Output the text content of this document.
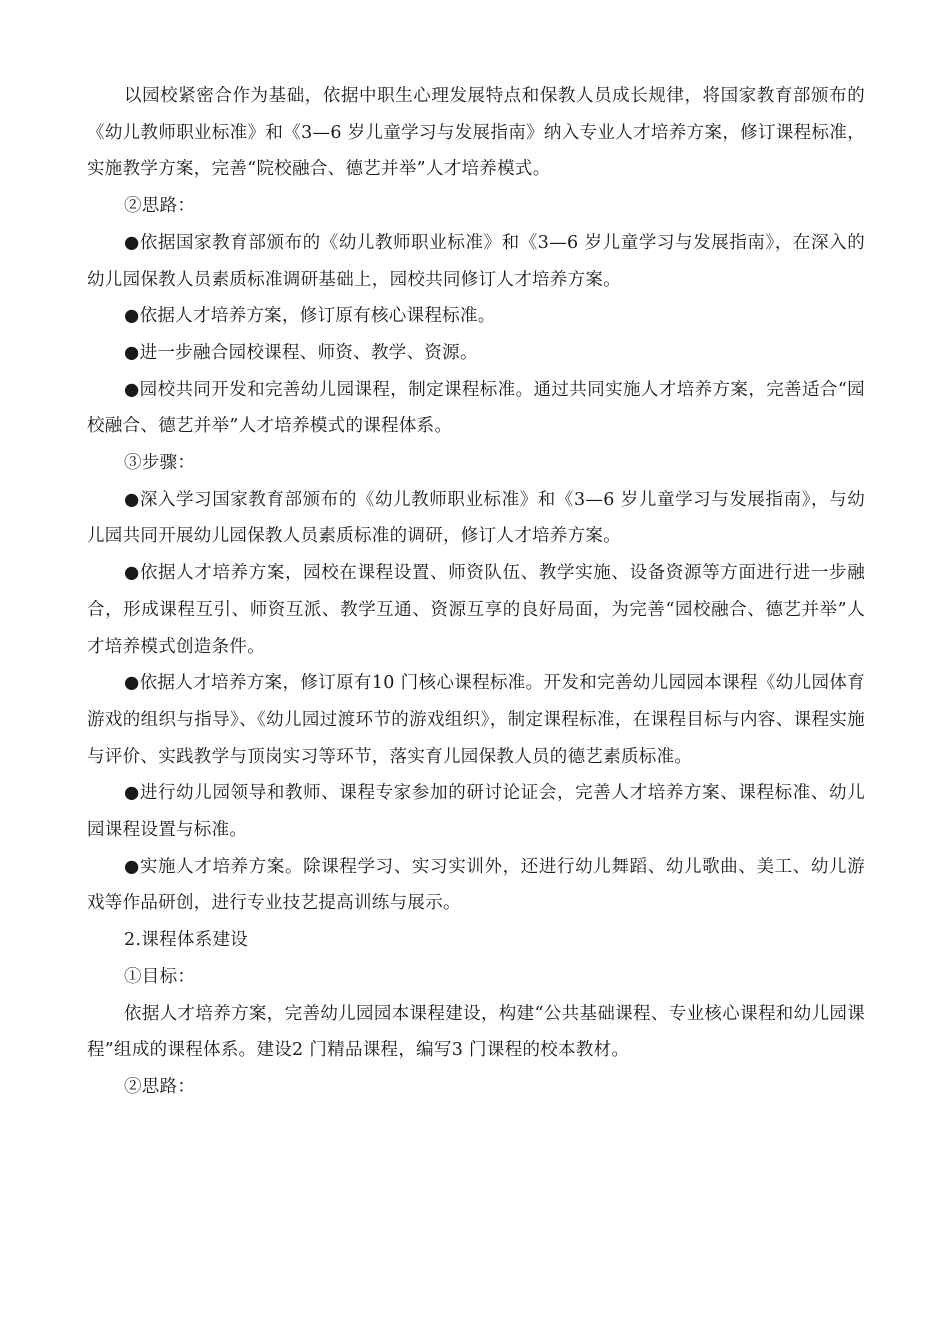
以园校紧密合作为基础，依据中职生心理发展特点和保教人员成长规律，将国家教育部颁布的《幼儿教师职业标准》和《3—6 岁儿童学习与发展指南》纳入专业人才培养方案，修订课程标准，实施教学方案，完善“院校融合、德艺并举”人才培养模式。

②思路：

●依据国家教育部颁布的《幼儿教师职业标准》和《3—6 岁儿童学习与发展指南》，在深入的幼儿园保教人员素质标准调研基础上，园校共同修订人才培养方案。

●依据人才培养方案，修订原有核心课程标准。

●进一步融合园校课程、师资、教学、资源。

●园校共同开发和完善幼儿园课程，制定课程标准。通过共同实施人才培养方案，完善适合“园校融合、德艺并举”人才培养模式的课程体系。

③步骤：

●深入学习国家教育部颁布的《幼儿教师职业标准》和《3—6 岁儿童学习与发展指南》，与幼儿园共同开展幼儿园保教人员素质标准的调研，修订人才培养方案。

●依据人才培养方案，园校在课程设置、师资队伍、教学实施、设备资源等方面进行进一步融合，形成课程互引、师资互派、教学互通、资源互享的良好局面，为完善“园校融合、德艺并举”人才培养模式创造条件。

●依据人才培养方案，修订原有10 门核心课程标准。开发和完善幼儿园园本课程《幼儿园体育游戏的组织与指导》、《幼儿园过渡环节的游戏组织》，制定课程标准，在课程目标与内容、课程实施与评价、实践教学与顶岗实习等环节，落实育儿园保教人员的德艺素质标准。

●进行幼儿园领导和教师、课程专家参加的研讨论证会，完善人才培养方案、课程标准、幼儿园课程设置与标准。

●实施人才培养方案。除课程学习、实习实训外，还进行幼儿舞蹈、幼儿歌曲、美工、幼儿游戏等作品研创，进行专业技艺提高训练与展示。

2.课程体系建设

①目标：

依据人才培养方案，完善幼儿园园本课程建设，构建“公共基础课程、专业核心课程和幼儿园课程”组成的课程体系。建设2 门精品课程，编写3 门课程的校本教材。

②思路：
